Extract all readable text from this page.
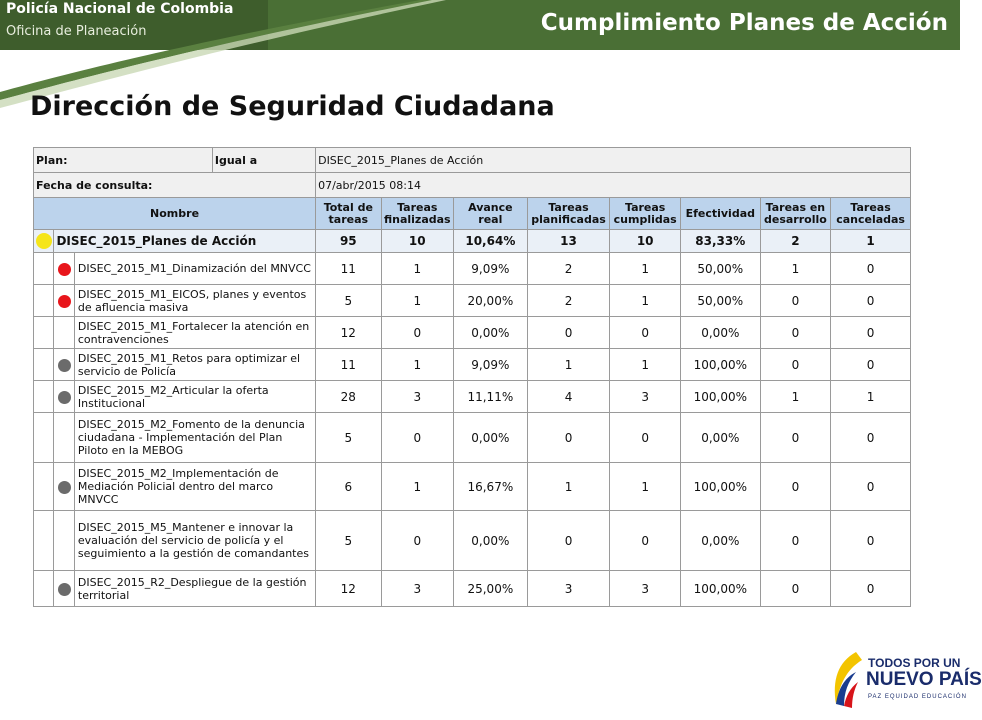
Policía Nacional de Colombia
Oficina de Planeación	Cumplimiento Planes de Acción
Dirección de Seguridad Ciudadana
Plan:			Igual a	DISEC_2015_Planes de Acción							
Fecha de consulta:				07/abr/2015 08:14							
Nombre				Total de tareas	Tareas finalizadas	Avance real	Tareas planificadas	Tareas cumplidas	Efectividad	Tareas en desarrollo	Tareas canceladas
	DISEC_2015_Planes de Acción			95	10	10,64%	13	10	83,33%	2	1
		DISEC_2015_M1_Dinamización del MNVCC		11	1	9,09%	2	1	50,00%	1	0
		DISEC_2015_M1_EICOS, planes y eventos de afluencia masiva		5	1	20,00%	2	1	50,00%	0	0
		DISEC_2015_M1_Fortalecer la atención en contravenciones		12	0	0,00%	0	0	0,00%	0	0
		DISEC_2015_M1_Retos para optimizar el servicio de Policía		11	1	9,09%	1	1	100,00%	0	0
		DISEC_2015_M2_Articular la oferta Institucional		28	3	11,11%	4	3	100,00%	1	1
		DISEC_2015_M2_Fomento de la denuncia ciudadana - Implementación del Plan Piloto en la MEBOG		5	0	0,00%	0	0	0,00%	0	0
		DISEC_2015_M2_Implementación de Mediación Policial dentro del marco MNVCC		6	1	16,67%	1	1	100,00%	0	0
		DISEC_2015_M5_Mantener e innovar la evaluación del servicio de policía y el seguimiento a la gestión de comandantes		5	0	0,00%	0	0	0,00%	0	0
		DISEC_2015_R2_Despliegue de la gestión territorial		12	3	25,00%	3	3	100,00%	0	0
TODOS POR UN
NUEVO PAÍS
PAZ EQUIDAD EDUCACIÓN
